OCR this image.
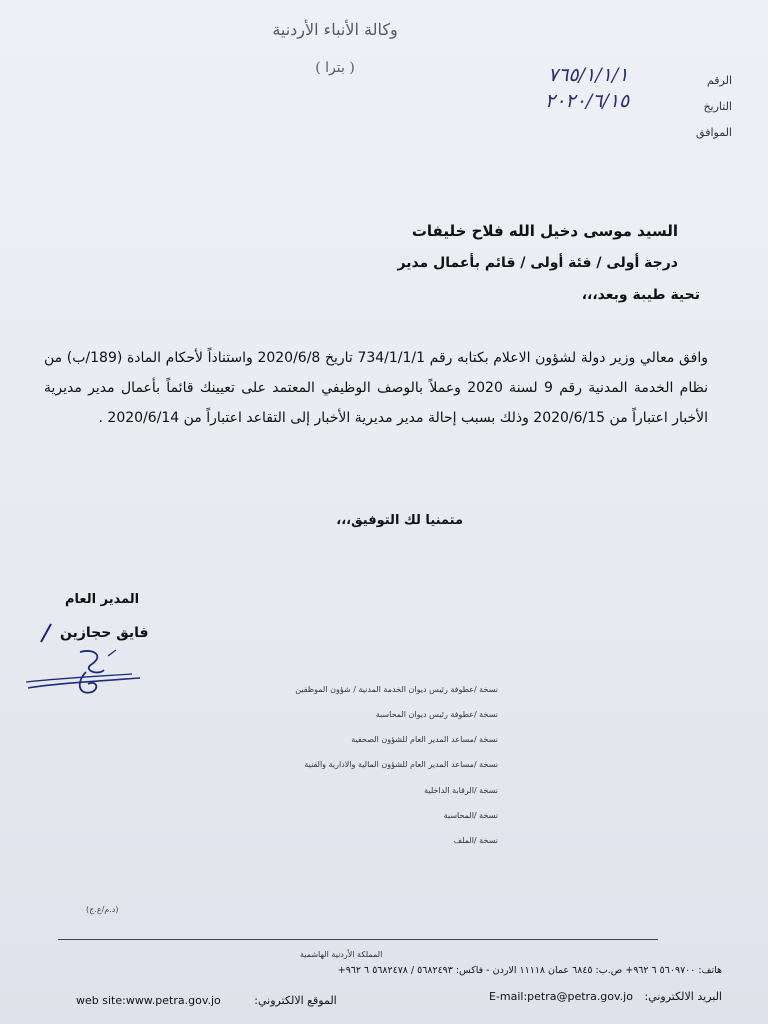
وكالة الأنباء الأردنية
( بترا )
الرقم
٧٦٥/١/١/١
التاريخ
٢٠٢٠/٦/١٥
الموافق
السيد موسى دخيل الله فلاح خليفات
درجة أولى / فئة أولى / قائم بأعمال مدير
تحية طيبة وبعد،،،
وافق معالي وزير دولة لشؤون الاعلام بكتابه رقم 734/1/1/1 تاريخ 2020/6/8 واستناداً لأحكام المادة (189/ب) من نظام الخدمة المدنية رقم 9 لسنة 2020 وعملاً بالوصف الوظيفي المعتمد على تعيينك قائماً بأعمال مدير مديرية الأخبار اعتباراً من 2020/6/15 وذلك بسبب إحالة مدير مديرية الأخبار إلى التقاعد اعتباراً من 2020/6/14 .
متمنيا لك التوفيق،،،
المدير العام
فايق حجازين
نسخة /عطوفة رئيس ديوان الخدمة المدنية / شؤون الموظفين
نسخة /عطوفة رئيس ديوان المحاسبة
نسخة /مساعد المدير العام للشؤون الصحفية
نسخة /مساعد المدير العام للشؤون المالية والادارية والفنية
نسخة /الرقابة الداخلية
نسخة /المحاسبة
نسخة /الملف
(د.م/ع.ج)
المملكة الأردنية الهاشمية
هاتف: ٥٦٠٩٧٠٠ ٦ ٩٦٢+ ص.ب: ٦٨٤٥ عمان ١١١١٨ الاردن - فاكس: ٥٦٨٢٤٩٣ / ٥٦٨٢٤٧٨ ٦ ٩٦٢+
web site:www.petra.gov.jo	الموقع الالكتروني:	E-mail:petra@petra.gov.jo البريد الالكتروني:
